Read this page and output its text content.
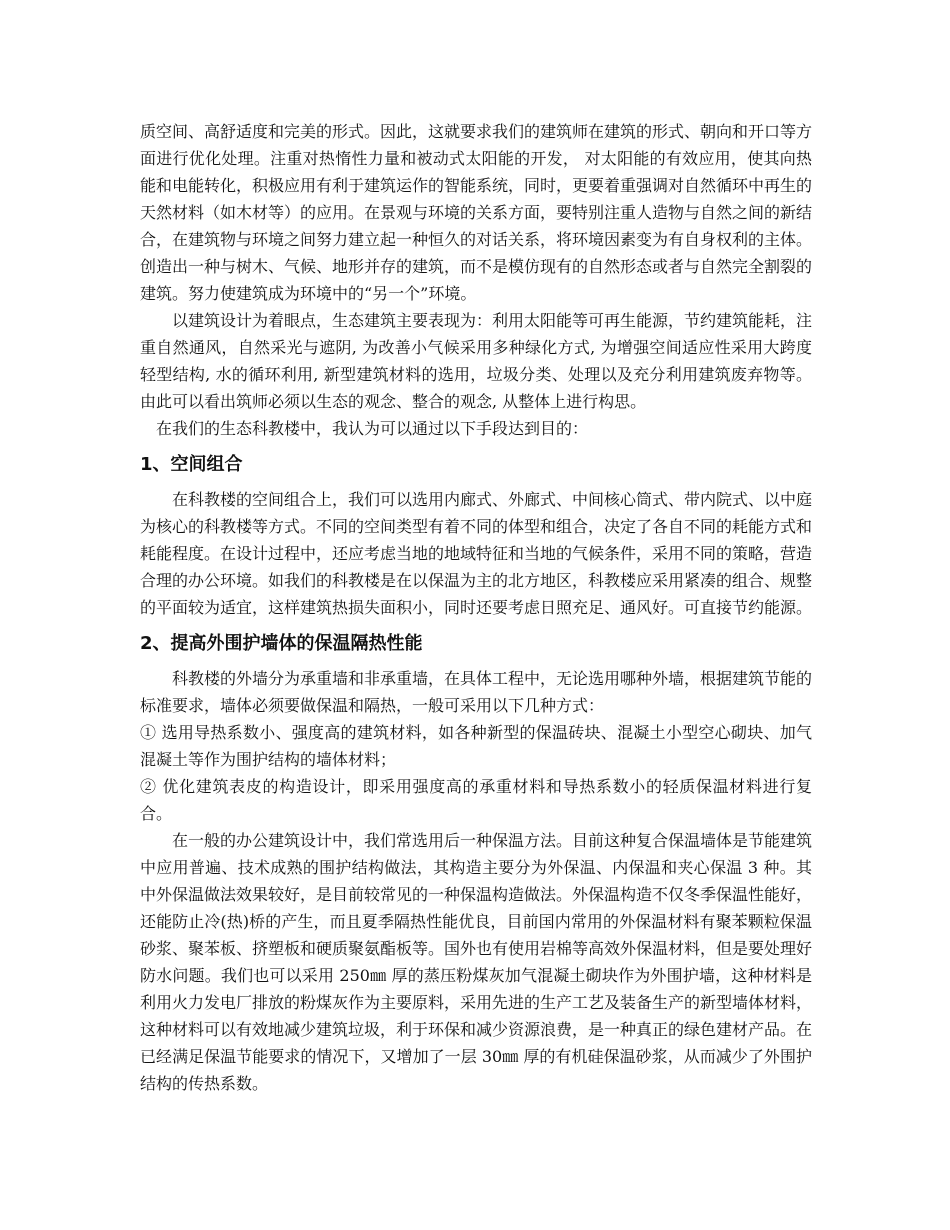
质空间、高舒适度和完美的形式。因此，这就要求我们的建筑师在建筑的形式、朝向和开口等方面进行优化处理。注重对热惰性力量和被动式太阳能的开发， 对太阳能的有效应用，使其向热能和电能转化，积极应用有利于建筑运作的智能系统，同时，更要着重强调对自然循环中再生的天然材料（如木材等）的应用。在景观与环境的关系方面，要特别注重人造物与自然之间的新结合，在建筑物与环境之间努力建立起一种恒久的对话关系，将环境因素变为有自身权利的主体。创造出一种与树木、气候、地形并存的建筑，而不是模仿现有的自然形态或者与自然完全割裂的建筑。努力使建筑成为环境中的“另一个”环境。

以建筑设计为着眼点，生态建筑主要表现为：利用太阳能等可再生能源，节约建筑能耗，注重自然通风，自然采光与遮阴, 为改善小气候采用多种绿化方式, 为增强空间适应性采用大跨度轻型结构, 水的循环利用, 新型建筑材料的选用，垃圾分类、处理以及充分利用建筑废弃物等。由此可以看出筑师必须以生态的观念、整合的观念, 从整体上进行构思。

在我们的生态科教楼中，我认为可以通过以下手段达到目的：

1、空间组合

在科教楼的空间组合上，我们可以选用内廊式、外廊式、中间核心筒式、带内院式、以中庭为核心的科教楼等方式。不同的空间类型有着不同的体型和组合，决定了各自不同的耗能方式和耗能程度。在设计过程中，还应考虑当地的地域特征和当地的气候条件，采用不同的策略，营造合理的办公环境。如我们的科教楼是在以保温为主的北方地区，科教楼应采用紧凑的组合、规整的平面较为适宜，这样建筑热损失面积小，同时还要考虑日照充足、通风好。可直接节约能源。

2、提高外围护墙体的保温隔热性能

科教楼的外墙分为承重墙和非承重墙，在具体工程中，无论选用哪种外墙，根据建筑节能的标准要求，墙体必须要做保温和隔热，一般可采用以下几种方式：

① 选用导热系数小、强度高的建筑材料，如各种新型的保温砖块、混凝土小型空心砌块、加气混凝土等作为围护结构的墙体材料；

② 优化建筑表皮的构造设计，即采用强度高的承重材料和导热系数小的轻质保温材料进行复合。

在一般的办公建筑设计中，我们常选用后一种保温方法。目前这种复合保温墙体是节能建筑中应用普遍、技术成熟的围护结构做法，其构造主要分为外保温、内保温和夹心保温 3 种。其中外保温做法效果较好，是目前较常见的一种保温构造做法。外保温构造不仅冬季保温性能好，还能防止冷(热)桥的产生，而且夏季隔热性能优良，目前国内常用的外保温材料有聚苯颗粒保温砂浆、聚苯板、挤塑板和硬质聚氨酯板等。国外也有使用岩棉等高效外保温材料，但是要处理好防水问题。我们也可以采用 250㎜ 厚的蒸压粉煤灰加气混凝土砌块作为外围护墙，这种材料是利用火力发电厂排放的粉煤灰作为主要原料，采用先进的生产工艺及装备生产的新型墙体材料，这种材料可以有效地减少建筑垃圾，利于环保和减少资源浪费，是一种真正的绿色建材产品。在已经满足保温节能要求的情况下，又增加了一层 30㎜ 厚的有机硅保温砂浆，从而减少了外围护结构的传热系数。
